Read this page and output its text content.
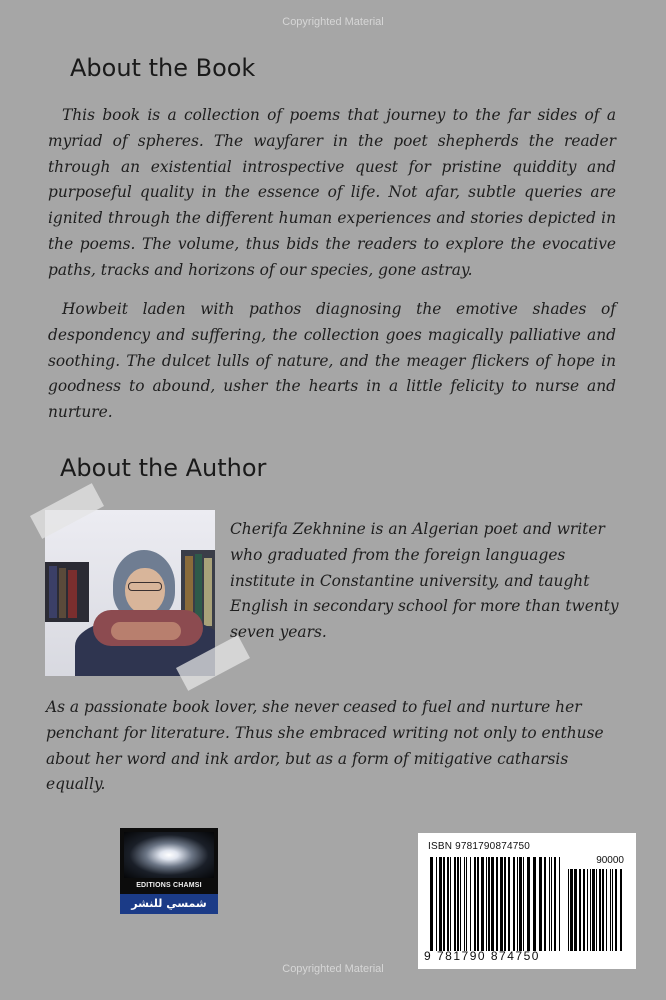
Copyrighted Material
About the Book

This book is a collection of poems that journey to the far sides of a myriad of spheres. The wayfarer in the poet shepherds the reader through an existential introspective quest for pristine quiddity and purposeful quality in the essence of life. Not afar, subtle queries are ignited through the different human experiences and stories depicted in the poems. The volume, thus bids the readers to explore the evocative paths, tracks and horizons of our species, gone astray.

Howbeit laden with pathos diagnosing the emotive shades of despondency and suffering, the collection goes magically palliative and soothing. The dulcet lulls of nature, and the meager flickers of hope in goodness to abound, usher the hearts in a little felicity to nurse and nurture.

About the Author

Cherifa Zekhnine is an Algerian poet and writer who graduated from the foreign languages institute in Constantine university, and taught English in secondary school for more than twenty seven years.

As a passionate book lover, she never ceased to fuel and nurture her penchant for literature. Thus she embraced writing not only to enthuse about her word and ink ardor, but as a form of mitigative catharsis equally.

EDITIONS CHAMSI
شمسي للنشر
ISBN 9781790874750
90000
9 781790 874750
Copyrighted Material
